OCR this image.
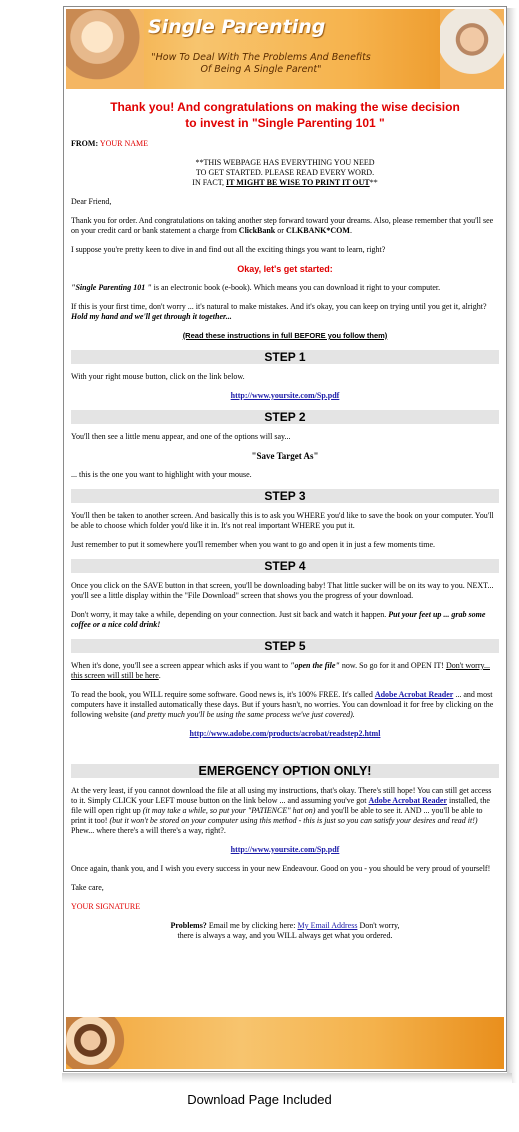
Single Parenting
"How To Deal With The Problems And Benefits
Of Being A Single Parent"
Thank you! And congratulations on making the wise decision
to invest in "Single Parenting 101 "

FROM: YOUR NAME

**THIS WEBPAGE HAS EVERYTHING YOU NEED
TO GET STARTED. PLEASE READ EVERY WORD.
IN FACT, IT MIGHT BE WISE TO PRINT IT OUT**

Dear Friend,

Thank you for order. And congratulations on taking another step forward toward your dreams. Also, please remember that you'll see on your credit card or bank statement a charge from ClickBank or CLKBANK*COM.

I suppose you're pretty keen to dive in and find out all the exciting things you want to learn, right?

Okay, let's get started:

"Single Parenting 101 " is an electronic book (e-book). Which means you can download it right to your computer.

If this is your first time, don't worry ... it's natural to make mistakes. And it's okay, you can keep on trying until you get it, alright? Hold my hand and we'll get through it together...

(Read these instructions in full BEFORE you follow them)

STEP 1

With your right mouse button, click on the link below.

http://www.yoursite.com/Sp.pdf

STEP 2

You'll then see a little menu appear, and one of the options will say...

"Save Target As"

... this is the one you want to highlight with your mouse.

STEP 3

You'll then be taken to another screen. And basically this is to ask you WHERE you'd like to save the book on your computer. You'll be able to choose which folder you'd like it in. It's not real important WHERE you put it.

Just remember to put it somewhere you'll remember when you want to go and open it in just a few moments time.

STEP 4

Once you click on the SAVE button in that screen, you'll be downloading baby! That little sucker will be on its way to you. NEXT... you'll see a little display within the "File Download" screen that shows you the progress of your download.

Don't worry, it may take a while, depending on your connection. Just sit back and watch it happen. Put your feet up ... grab some coffee or a nice cold drink!

STEP 5

When it's done, you'll see a screen appear which asks if you want to "open the file" now. So go for it and OPEN IT! Don't worry... this screen will still be here.

To read the book, you WILL require some software. Good news is, it's 100% FREE. It's called Adobe Acrobat Reader ... and most computers have it installed automatically these days. But if yours hasn't, no worries. You can download it for free by clicking on the following website (and pretty much you'll be using the same process we've just covered).

http://www.adobe.com/products/acrobat/readstep2.html

EMERGENCY OPTION ONLY!

At the very least, if you cannot download the file at all using my instructions, that's okay. There's still hope! You can still get access to it. Simply CLICK your LEFT mouse button on the link below ... and assuming you've got Adobe Acrobat Reader installed, the file will open right up (it may take a while, so put your "PATIENCE" hat on) and you'll be able to see it. AND ... you'll be able to print it too! (but it won't be stored on your computer using this method - this is just so you can satisfy your desires and read it!) Phew... where there's a will there's a way, right?.

http://www.yoursite.com/Sp.pdf

Once again, thank you, and I wish you every success in your new Endeavour. Good on you - you should be very proud of yourself!

Take care,

YOUR SIGNATURE

Problems? Email me by clicking here: My Email Address Don't worry,
there is always a way, and you WILL always get what you ordered.

Download Page Included
